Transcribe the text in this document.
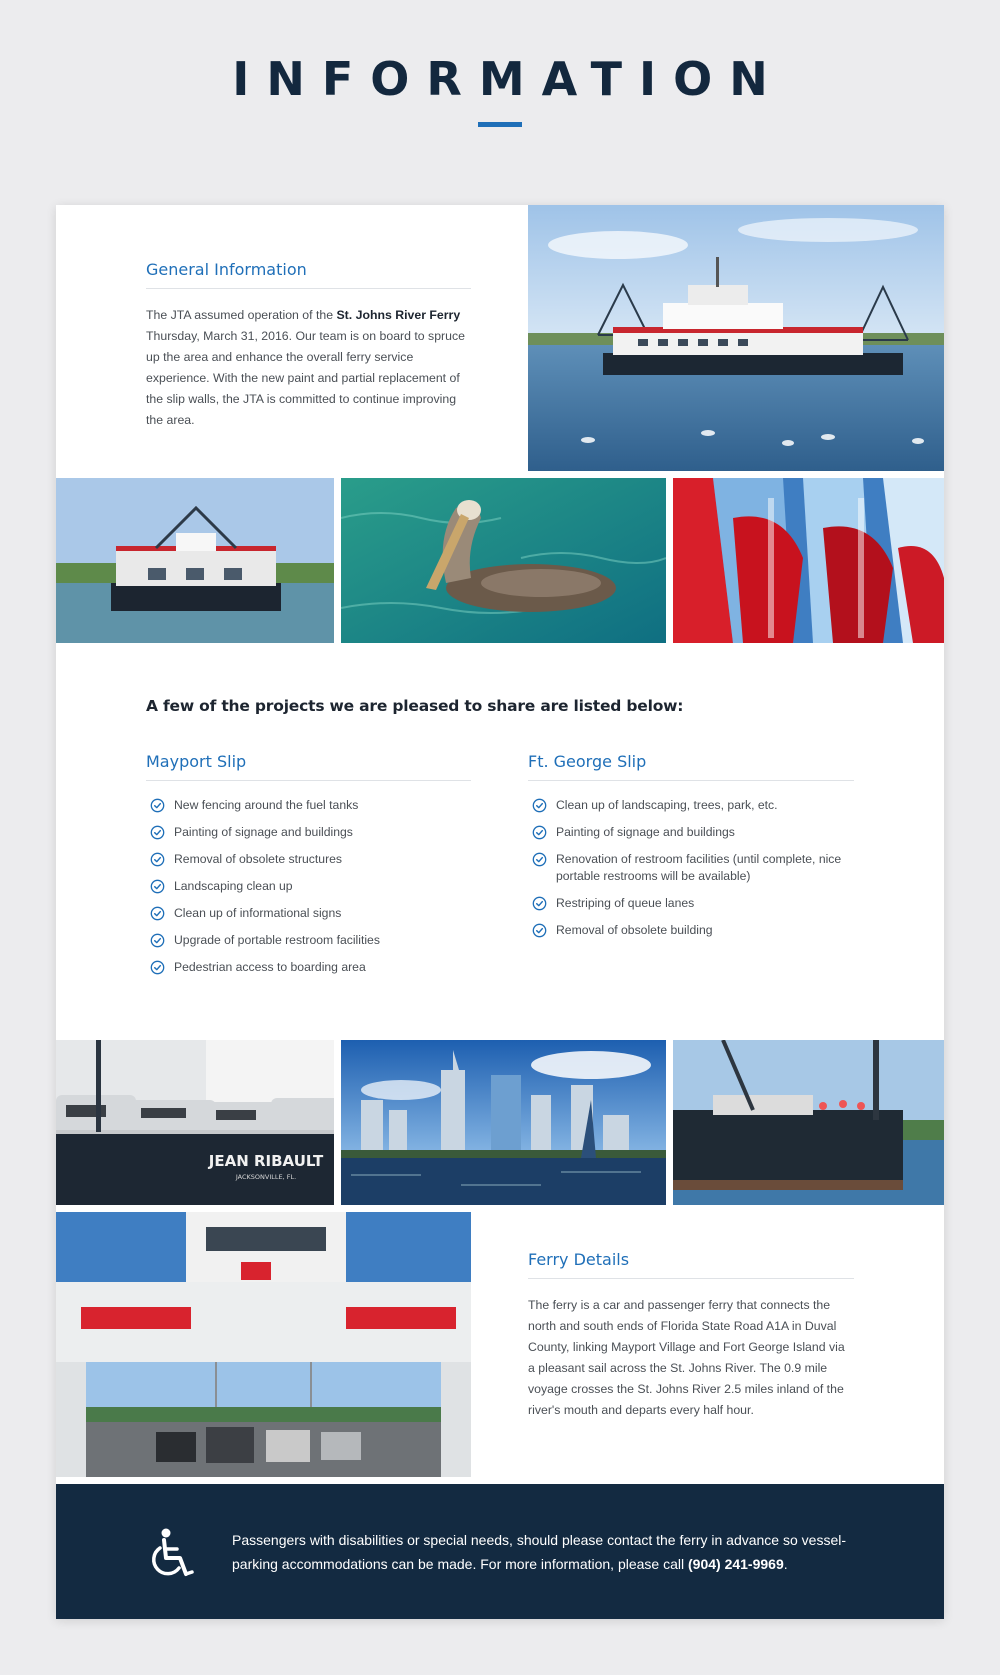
INFORMATION
General Information

The JTA assumed operation of the St. Johns River Ferry Thursday, March 31, 2016. Our team is on board to spruce up the area and enhance the overall ferry service experience. With the new paint and partial replacement of the slip walls, the JTA is committed to continue improving the area.

A few of the projects we are pleased to share are listed below:
Mayport Slip
New fencing around the fuel tanks
Painting of signage and buildings
Removal of obsolete structures
Landscaping clean up
Clean up of informational signs
Upgrade of portable restroom facilities
Pedestrian access to boarding area
Ft. George Slip
Clean up of landscaping, trees, park, etc.
Painting of signage and buildings
Renovation of restroom facilities (until complete, nice portable restrooms will be available)
Restriping of queue lanes
Removal of obsolete building
JEAN RIBAULT
JACKSONVILLE, FL.
Ferry Details

The ferry is a car and passenger ferry that connects the north and south ends of Florida State Road A1A in Duval County, linking Mayport Village and Fort George Island via a pleasant sail across the St. Johns River. The 0.9 mile voyage crosses the St. Johns River 2.5 miles inland of the river's mouth and departs every half hour.

Passengers with disabilities or special needs, should please contact the ferry in advance so vessel-parking accommodations can be made. For more information, please call (904) 241-9969.
